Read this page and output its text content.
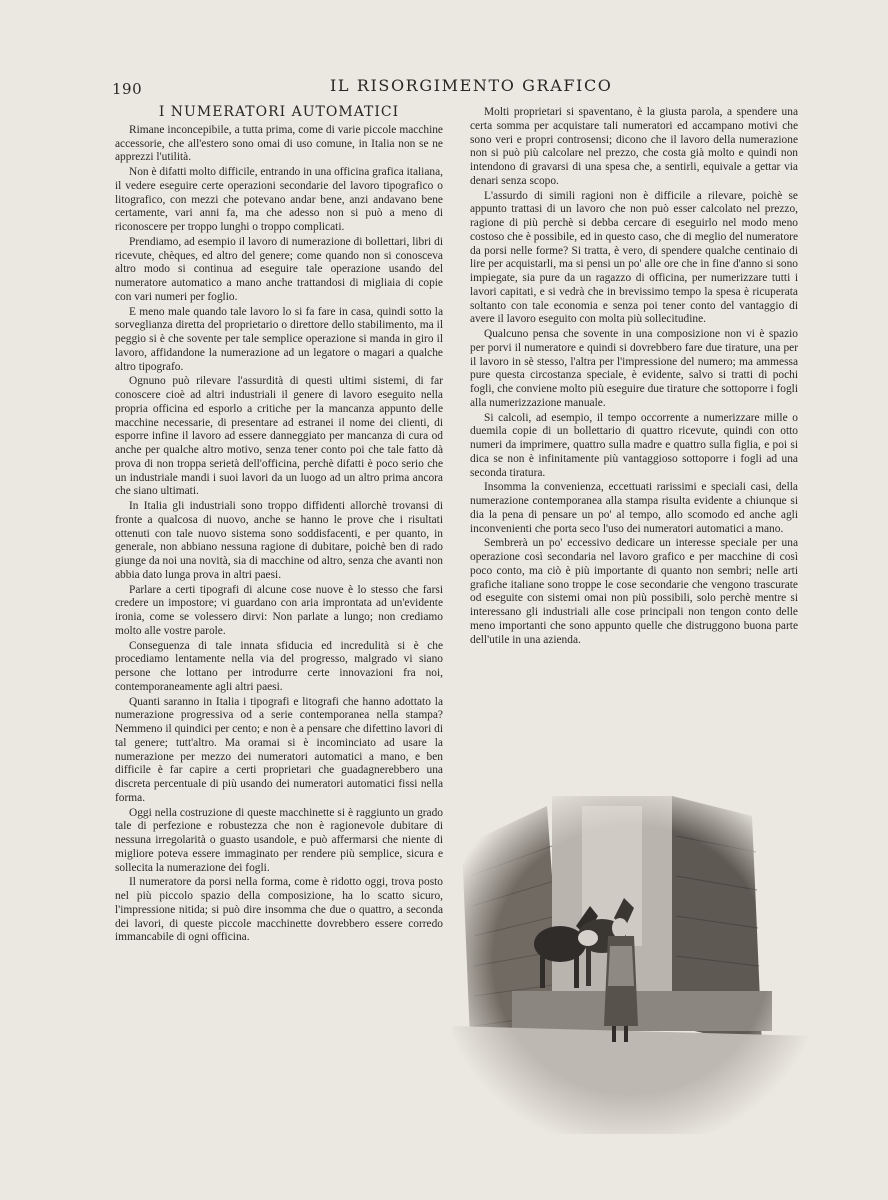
190	IL RISORGIMENTO GRAFICO
I NUMERATORI AUTOMATICI

Rimane inconcepibile, a tutta prima, come di varie piccole macchine accessorie, che all'estero sono omai di uso comune, in Italia non se ne apprezzi l'utilità.

Non è difatti molto difficile, entrando in una officina grafica italiana, il vedere eseguire certe operazioni secondarie del lavoro tipografico o litografico, con mezzi che potevano andar bene, anzi andavano bene certamente, vari anni fa, ma che adesso non si può a meno di riconoscere per troppo lunghi o troppo complicati.

Prendiamo, ad esempio il lavoro di numerazione di bollettari, libri di ricevute, chèques, ed altro del genere; come quando non si conosceva altro modo si continua ad eseguire tale operazione usando del numeratore automatico a mano anche trattandosi di migliaia di copie con vari numeri per foglio.

E meno male quando tale lavoro lo si fa fare in casa, quindi sotto la sorveglianza diretta del proprietario o direttore dello stabilimento, ma il peggio si è che sovente per tale semplice operazione si manda in giro il lavoro, affidandone la numerazione ad un legatore o magari a qualche altro tipografo.

Ognuno può rilevare l'assurdità di questi ultimi sistemi, di far conoscere cioè ad altri industriali il genere di lavoro eseguito nella propria officina ed esporlo a critiche per la mancanza appunto delle macchine necessarie, di presentare ad estranei il nome dei clienti, di esporre infine il lavoro ad essere danneggiato per mancanza di cura od anche per qualche altro motivo, senza tener conto poi che tale fatto dà prova di non troppa serietà dell'officina, perchè difatti è poco serio che un industriale mandi i suoi lavori da un luogo ad un altro prima ancora che siano ultimati.

In Italia gli industriali sono troppo diffidenti allorchè trovansi di fronte a qualcosa di nuovo, anche se hanno le prove che i risultati ottenuti con tale nuovo sistema sono soddisfacenti, e per quanto, in generale, non abbiano nessuna ragione di dubitare, poichè ben di rado giunge da noi una novità, sia di macchine od altro, senza che avanti non abbia dato lunga prova in altri paesi.

Parlare a certi tipografi di alcune cose nuove è lo stesso che farsi credere un impostore; vi guardano con aria improntata ad un'evidente ironia, come se volessero dirvi: Non parlate a lungo; non crediamo molto alle vostre parole.

Conseguenza di tale innata sfiducia ed incredulità si è che procediamo lentamente nella via del progresso, malgrado vi siano persone che lottano per introdurre certe innovazioni fra noi, contemporaneamente agli altri paesi.

Quanti saranno in Italia i tipografi e litografi che hanno adottato la numerazione progressiva od a serie contemporanea nella stampa? Nemmeno il quindici per cento; e non è a pensare che difettino lavori di tal genere; tutt'altro. Ma oramai si è incominciato ad usare la numerazione per mezzo dei numeratori automatici a mano, e ben difficile è far capire a certi proprietari che guadagnerebbero una discreta percentuale di più usando dei numeratori automatici fissi nella forma.

Oggi nella costruzione di queste macchinette si è raggiunto un grado tale di perfezione e robustezza che non è ragionevole dubitare di nessuna irregolarità o guasto usandole, e può affermarsi che niente di migliore poteva essere immaginato per rendere più semplice, sicura e sollecita la numerazione dei fogli.

Il numeratore da porsi nella forma, come è ridotto oggi, trova posto nel più piccolo spazio della composizione, ha lo scatto sicuro, l'impressione nitida; si può dire insomma che due o quattro, a seconda dei lavori, di queste piccole macchinette dovrebbero essere corredo immancabile di ogni officina.

Molti proprietari si spaventano, è la giusta parola, a spendere una certa somma per acquistare tali numeratori ed accampano motivi che sono veri e propri controsensi; dicono che il lavoro della numerazione non si può più calcolare nel prezzo, che costa già molto e quindi non intendono di gravarsi di una spesa che, a sentirli, equivale a gettar via denari senza scopo.

L'assurdo di simili ragioni non è difficile a rilevare, poichè se appunto trattasi di un lavoro che non può esser calcolato nel prezzo, ragione di più perchè si debba cercare di eseguirlo nel modo meno costoso che è possibile, ed in questo caso, che di meglio del numeratore da porsi nelle forme? Si tratta, è vero, di spendere qualche centinaio di lire per acquistarli, ma si pensi un po' alle ore che in fine d'anno si sono impiegate, sia pure da un ragazzo di officina, per numerizzare tutti i lavori capitati, e si vedrà che in brevissimo tempo la spesa è ricuperata soltanto con tale economia e senza poi tener conto del vantaggio di avere il lavoro eseguito con molta più sollecitudine.

Qualcuno pensa che sovente in una composizione non vi è spazio per porvi il numeratore e quindi si dovrebbero fare due tirature, una per il lavoro in sè stesso, l'altra per l'impressione del numero; ma ammessa pure questa circostanza speciale, è evidente, salvo si tratti di pochi fogli, che conviene molto più eseguire due tirature che sottoporre i fogli alla numerizzazione manuale.

Si calcoli, ad esempio, il tempo occorrente a numerizzare mille o duemila copie di un bollettario di quattro ricevute, quindi con otto numeri da imprimere, quattro sulla madre e quattro sulla figlia, e poi si dica se non è infinitamente più vantaggioso sottoporre i fogli ad una seconda tiratura.

Insomma la convenienza, eccettuati rarissimi e speciali casi, della numerazione contemporanea alla stampa risulta evidente a chiunque si dia la pena di pensare un po' al tempo, allo scomodo ed anche agli inconvenienti che porta seco l'uso dei numeratori automatici a mano.

Sembrerà un po' eccessivo dedicare un interesse speciale per una operazione così secondaria nel lavoro grafico e per macchine di così poco conto, ma ciò è più importante di quanto non sembri; nelle arti grafiche italiane sono troppe le cose secondarie che vengono trascurate od eseguite con sistemi omai non più possibili, solo perchè mentre si interessano gli industriali alle cose principali non tengon conto delle meno importanti che sono appunto quelle che distruggono buona parte dell'utile in una azienda.
